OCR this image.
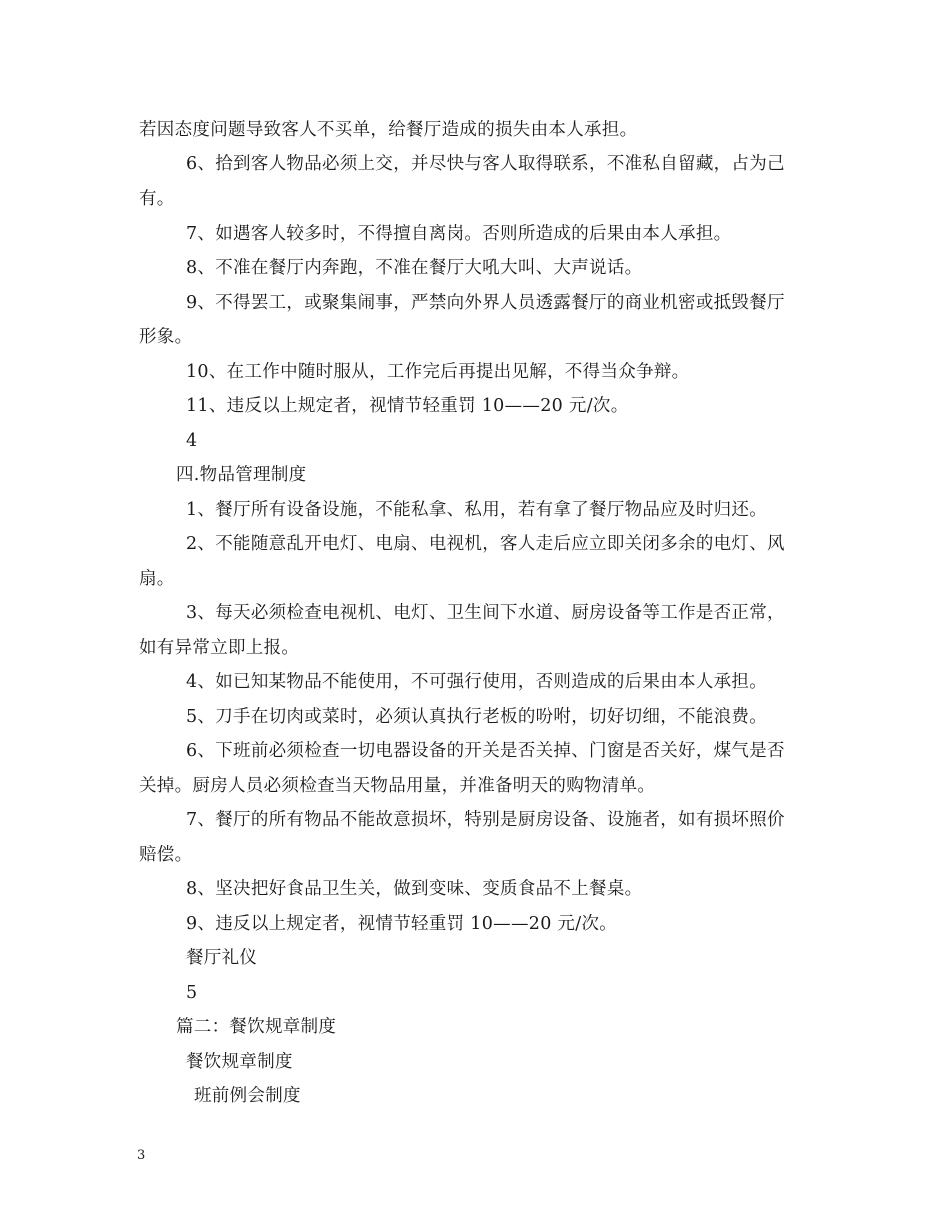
若因态度问题导致客人不买单，给餐厅造成的损失由本人承担。
6、拾到客人物品必须上交，并尽快与客人取得联系，不准私自留藏，占为己
有。
7、如遇客人较多时，不得擅自离岗。否则所造成的后果由本人承担。
8、不准在餐厅内奔跑，不准在餐厅大吼大叫、大声说话。
9、不得罢工，或聚集闹事，严禁向外界人员透露餐厅的商业机密或抵毁餐厅
形象。
10、在工作中随时服从，工作完后再提出见解，不得当众争辩。
11、违反以上规定者，视情节轻重罚 10——20 元/次。
4
四.物品管理制度
1、餐厅所有设备设施，不能私拿、私用，若有拿了餐厅物品应及时归还。
2、不能随意乱开电灯、电扇、电视机，客人走后应立即关闭多余的电灯、风
扇。
3、每天必须检查电视机、电灯、卫生间下水道、厨房设备等工作是否正常，
如有异常立即上报。
4、如已知某物品不能使用，不可强行使用，否则造成的后果由本人承担。
5、刀手在切肉或菜时，必须认真执行老板的吩咐，切好切细，不能浪费。
6、下班前必须检查一切电器设备的开关是否关掉、门窗是否关好，煤气是否
关掉。厨房人员必须检查当天物品用量，并准备明天的购物清单。
7、餐厅的所有物品不能故意损坏，特别是厨房设备、设施者，如有损坏照价
赔偿。
8、坚决把好食品卫生关，做到变味、变质食品不上餐桌。
9、违反以上规定者，视情节轻重罚 10——20 元/次。
餐厅礼仪
5
篇二：餐饮规章制度
餐饮规章制度
班前例会制度
3
